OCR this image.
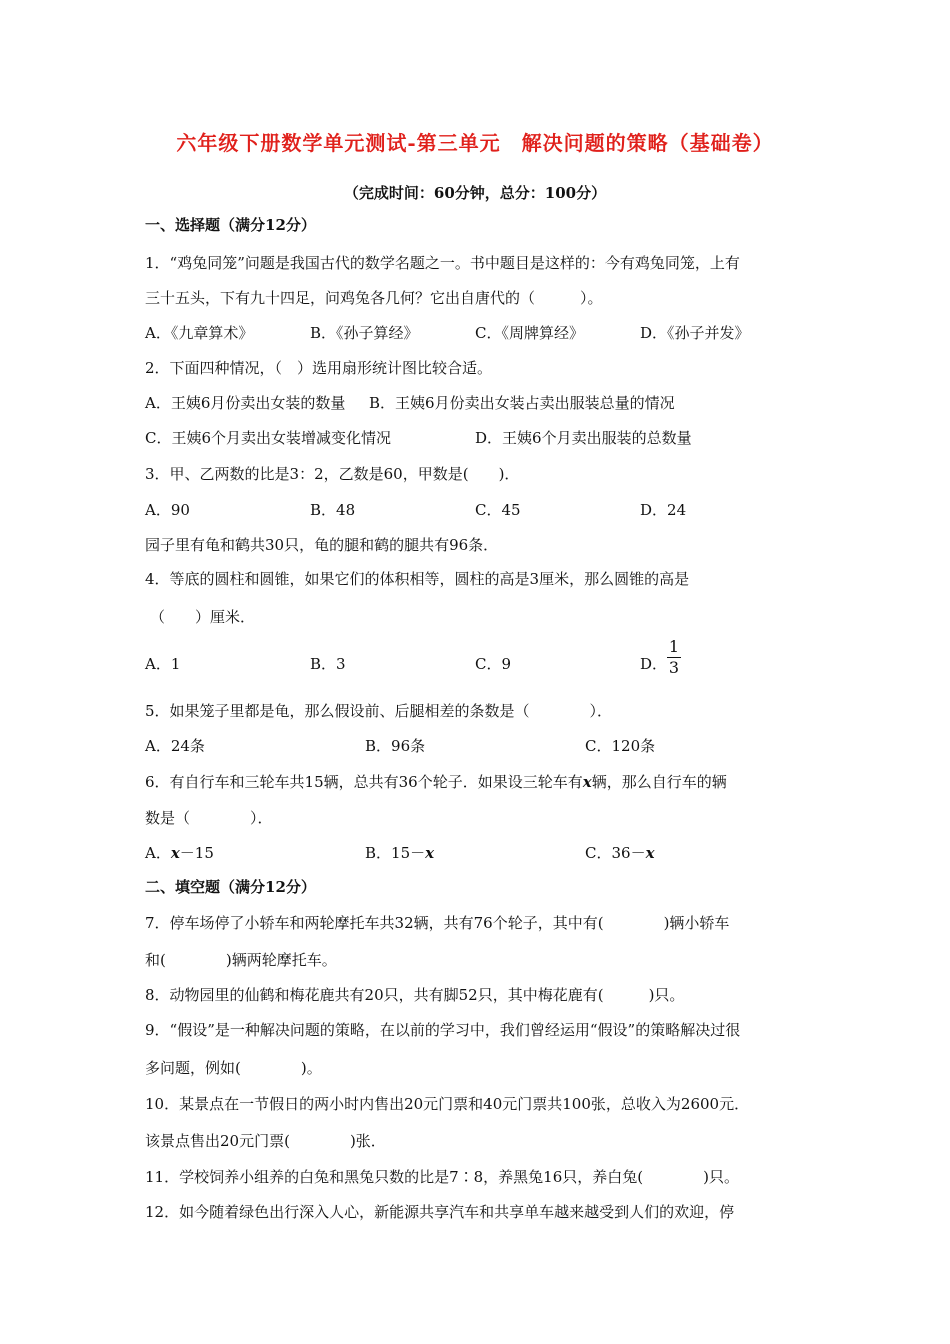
六年级下册数学单元测试-第三单元　解决问题的策略（基础卷）
（完成时间：60分钟，总分：100分）
一、选择题（满分12分）
1．“鸡兔同笼”问题是我国古代的数学名题之一。书中题目是这样的：今有鸡兔同笼，上有
三十五头，下有九十四足，问鸡兔各几何？它出自唐代的（　　　）。
A．《九章算术》	B．《孙子算经》	C．《周牌算经》	D．《孙子并发》
2．下面四种情况，（　）选用扇形统计图比较合适。
A．王姨6月份卖出女装的数量 B．王姨6月份卖出女装占卖出服装总量的情况
C．王姨6个月卖出女装增减变化情况	D．王姨6个月卖出服装的总数量
3．甲、乙两数的比是3：2，乙数是60，甲数是(　　)．
A．90	B．48	C．45	D．24
园子里有龟和鹤共30只，龟的腿和鹤的腿共有96条．
4．等底的圆柱和圆锥，如果它们的体积相等，圆柱的高是3厘米，那么圆锥的高是
（　　）厘米．
A．1	B．3	C．9	D．
1
3
5．如果笼子里都是龟，那么假设前、后腿相差的条数是（　　　　）．
A．24条	B．96条	C．120条
6．有自行车和三轮车共15辆，总共有36个轮子．如果设三轮车有x辆，那么自行车的辆
数是（　　　　）．
A．x－15	B．15－x	C．36－x
二、填空题（满分12分）
7．停车场停了小轿车和两轮摩托车共32辆，共有76个轮子，其中有(　　　　)辆小轿车
和(　　　　)辆两轮摩托车。
8．动物园里的仙鹤和梅花鹿共有20只，共有脚52只，其中梅花鹿有(　　　)只。
9．“假设”是一种解决问题的策略，在以前的学习中，我们曾经运用“假设”的策略解决过很
多问题，例如(　　　　)。
10．某景点在一节假日的两小时内售出20元门票和40元门票共100张，总收入为2600元．
该景点售出20元门票(　　　　)张．
11．学校饲养小组养的白兔和黑兔只数的比是7∶8，养黑兔16只，养白兔(　　　　)只。
12．如今随着绿色出行深入人心，新能源共享汽车和共享单车越来越受到人们的欢迎，停
